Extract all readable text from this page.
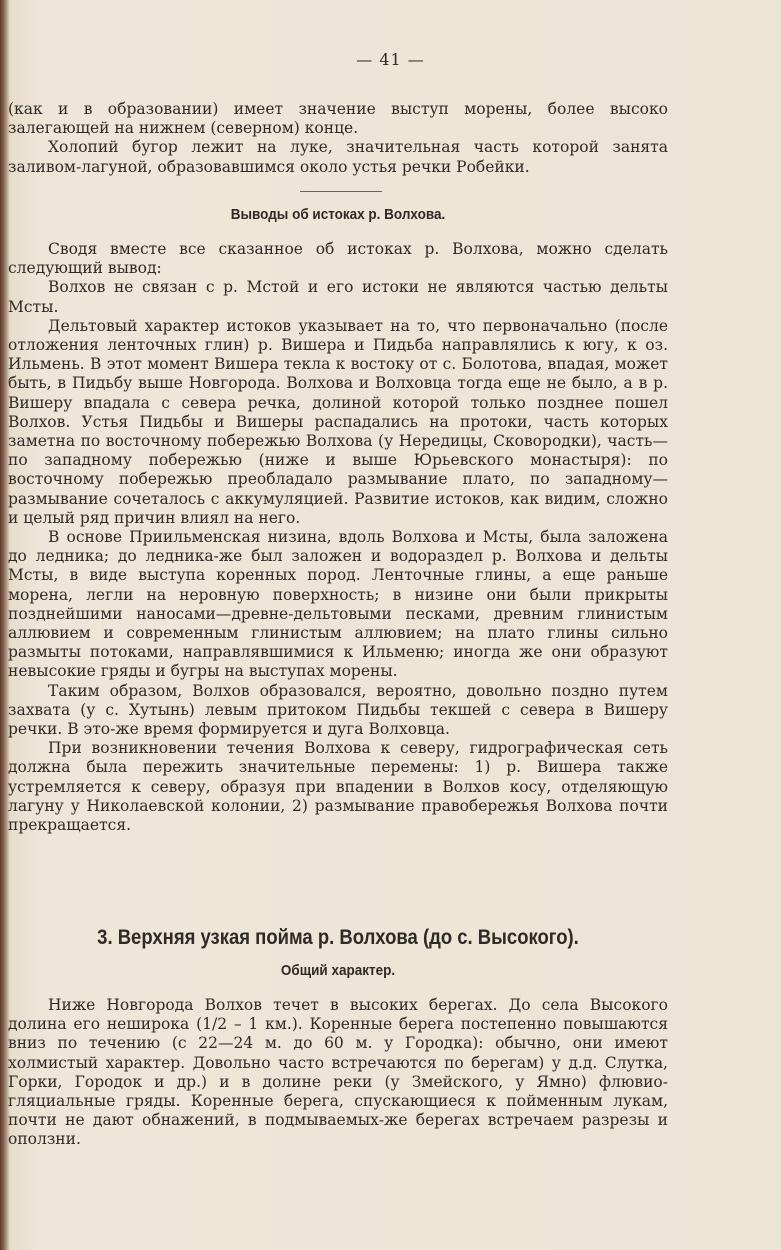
— 41 —

(как и в образовании) имеет значение выступ морены, более высоко залегающей на нижнем (северном) конце.

Холопий бугор лежит на луке, значительная часть которой занята заливом-лагуной, образовавшимся около устья речки Робейки.

Выводы об истоках р. Волхова.

Сводя вместе все сказанное об истоках р. Волхова, можно сделать следующий вывод:

Волхов не связан с р. Мстой и его истоки не являются частью дельты Мсты.

Дельтовый характер истоков указывает на то, что первоначально (после отложения ленточных глин) р. Вишера и Пидьба направлялись к югу, к оз. Ильмень. В этот момент Вишера текла к востоку от с. Болотова, впадая, может быть, в Пидьбу выше Новгорода. Волхова и Волховца тогда еще не было, а в р. Вишеру впадала с севера речка, долиной которой только позднее пошел Волхов. Устья Пидьбы и Вишеры распадались на протоки, часть которых заметна по восточному побережью Волхова (у Нередицы, Сковородки), часть—по западному побережью (ниже и выше Юрьевского монастыря): по восточному побережью преобладало размывание плато, по западному—размывание сочеталось с аккумуляцией. Развитие истоков, как видим, сложно и целый ряд причин влиял на него.

В основе Приильменская низина, вдоль Волхова и Мсты, была заложена до ледника; до ледника-же был заложен и водораздел р. Волхова и дельты Мсты, в виде выступа коренных пород. Ленточные глины, а еще раньше морена, легли на неровную поверхность; в низине они были прикрыты позднейшими наносами—древне-дельтовыми песками, древним глинистым аллювием и современным глинистым аллювием; на плато глины сильно размыты потоками, направлявшимися к Ильменю; иногда же они образуют невысокие гряды и бугры на выступах морены.

Таким образом, Волхов образовался, вероятно, довольно поздно путем захвата (у с. Хутынь) левым притоком Пидьбы текшей с севера в Вишеру речки. В это-же время формируется и дуга Волховца.

При возникновении течения Волхова к северу, гидрографическая сеть должна была пережить значительные перемены: 1) р. Вишера также устремляется к северу, образуя при впадении в Волхов косу, отделяющую лагуну у Николаевской колонии, 2) размывание правобережья Волхова почти прекращается.

3. Верхняя узкая пойма р. Волхова (до с. Высокого).
Общий характер.

Ниже Новгорода Волхов течет в высоких берегах. До села Высокого долина его неширока (1/2 – 1 км.). Коренные берега постепенно повышаются вниз по течению (с 22—24 м. до 60 м. у Городка): обычно, они имеют холмистый характер. Довольно часто встречаются по берегам) у д.д. Слутка, Горки, Городок и др.) и в долине реки (у Змейского, у Ямно) флювио-гляциальные гряды. Коренные берега, спускающиеся к пойменным лукам, почти не дают обнажений, в подмываемых-же берегах встречаем разрезы и оползни.
